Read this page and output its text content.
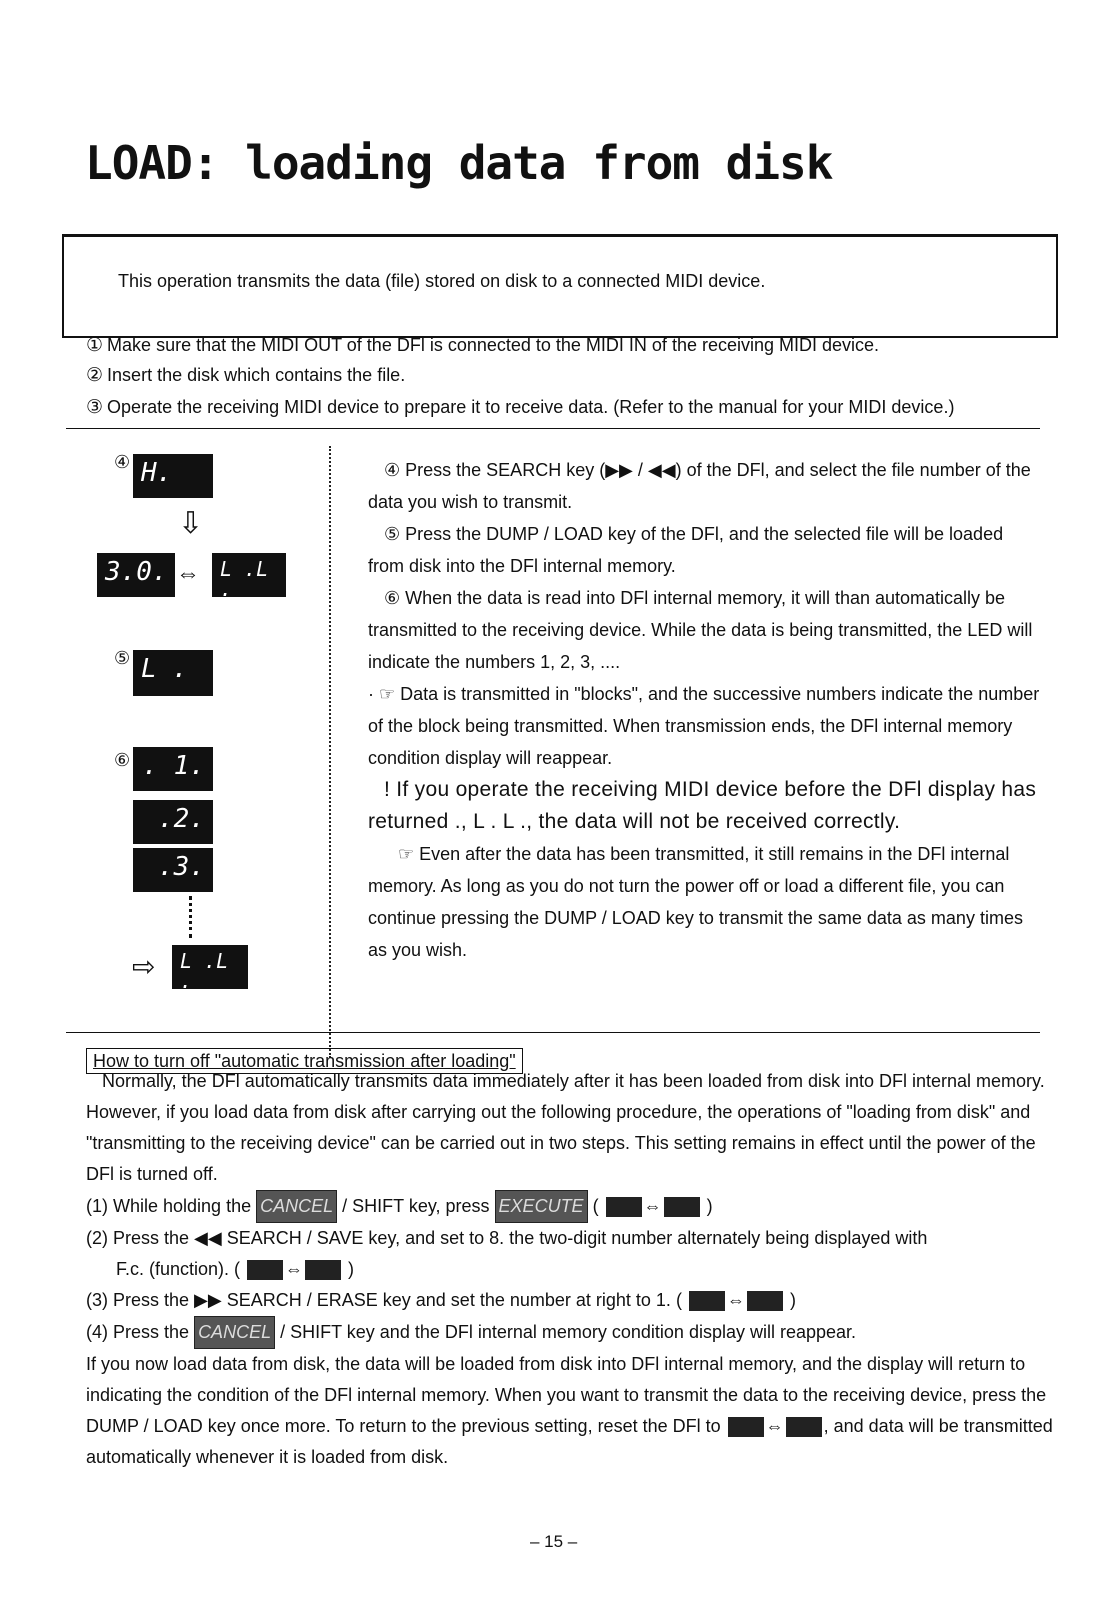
LOAD: loading data from disk
This operation transmits the data (file) stored on disk to a connected MIDI device.
① Make sure that the MIDI OUT of the DFl is connected to the MIDI IN of the receiving MIDI device.
② Insert the disk which contains the file.
③ Operate the receiving MIDI device to prepare it to receive data. (Refer to the manual for your MIDI device.)
④ H.
⇩
3.0. ⇔	L .L .
⑤ L .
⑥ . 1.
.2.
.3.
⇨	L .L .

④ Press the SEARCH key (▶▶ / ◀◀) of the DFl, and select the file number of the data you wish to transmit.

⑤ Press the DUMP / LOAD key of the DFl, and the selected file will be loaded from disk into the DFl internal memory.

⑥ When the data is read into DFl internal memory, it will than automatically be transmitted to the receiving device. While the data is being transmitted, the LED will indicate the numbers 1, 2, 3, ....

· ☞ Data is transmitted in "blocks", and the successive numbers indicate the number of the block being transmitted. When transmission ends, the DFl internal memory condition display will reappear.

! If you operate the receiving MIDI device before the DFl display has returned ., L . L ., the data will not be received correctly.

☞ Even after the data has been transmitted, it still remains in the DFl internal memory. As long as you do not turn the power off or load a different file, you can continue pressing the DUMP / LOAD key to transmit the same data as many times as you wish.

How to turn off "automatic transmission after loading"

Normally, the DFl automatically transmits data immediately after it has been loaded from disk into DFl internal memory. However, if you load data from disk after carrying out the following procedure, the operations of "loading from disk" and "transmitting to the receiving device" can be carried out in two steps. This setting remains in effect until the power of the DFl is turned off.

(1) While holding the CANCEL / SHIFT key, press EXECUTE ( ⇔ )

(2) Press the ◀◀ SEARCH / SAVE key, and set to 8. the two-digit number alternately being displayed with

F.c. (function). ( ⇔ )

(3) Press the ▶▶ SEARCH / ERASE key and set the number at right to 1. ( ⇔ )

(4) Press the CANCEL / SHIFT key and the DFl internal memory condition display will reappear.

If you now load data from disk, the data will be loaded from disk into DFl internal memory, and the display will return to indicating the condition of the DFl internal memory. When you want to transmit the data to the receiving device, press the DUMP / LOAD key once more. To return to the previous setting, reset the DFl to	⇔ , and data will be transmitted automatically whenever it is loaded from disk.

– 15 –
